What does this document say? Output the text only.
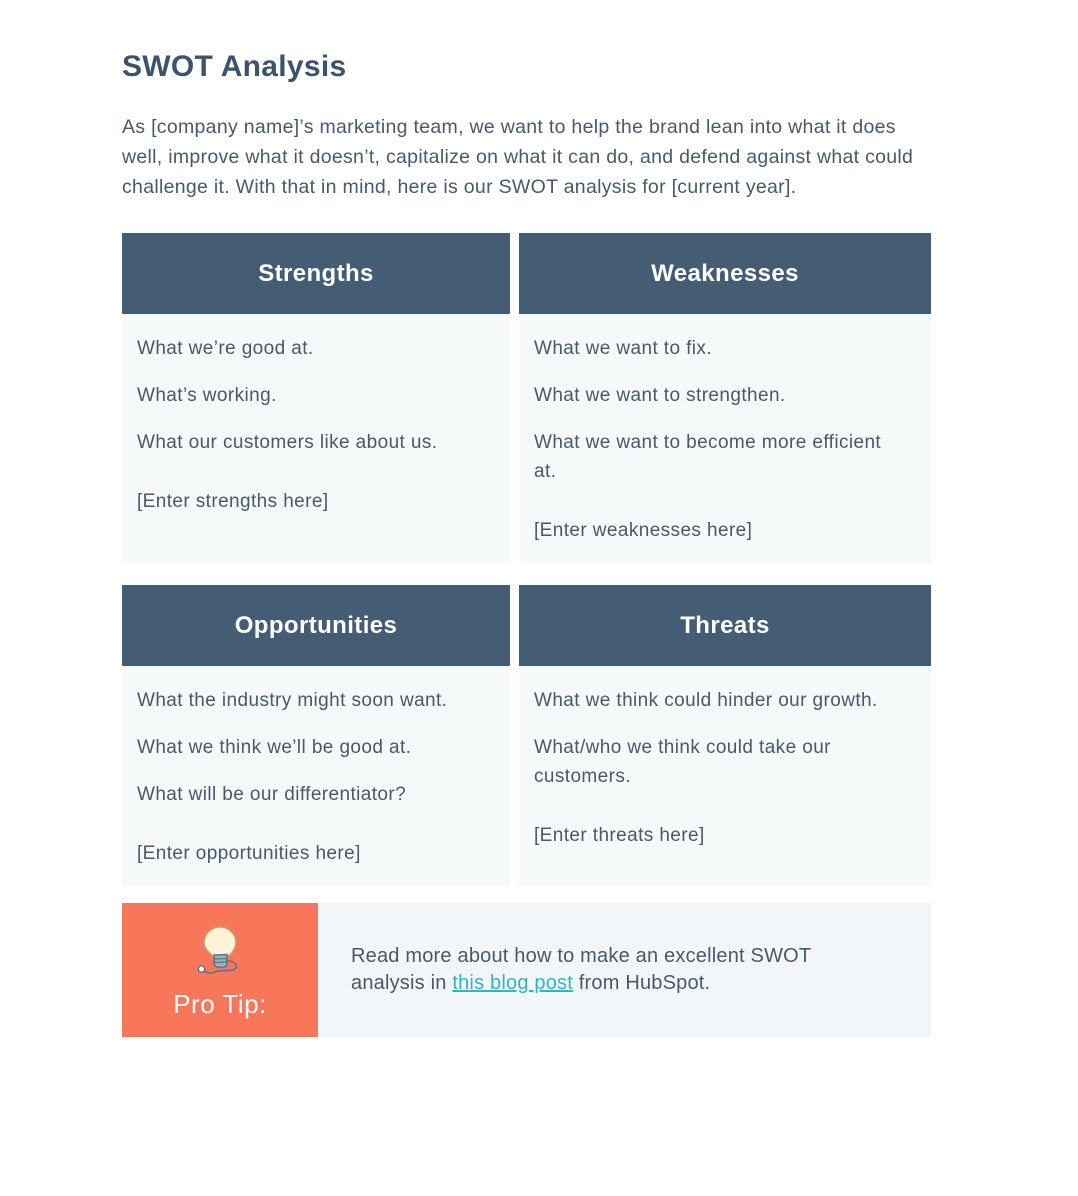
SWOT Analysis

As [company name]’s marketing team, we want to help the brand lean into what it does well, improve what it doesn’t, capitalize on what it can do, and defend against what could challenge it. With that in mind, here is our SWOT analysis for [current year].

Strengths

What we’re good at.

What’s working.

What our customers like about us.

[Enter strengths here]

Weaknesses

What we want to fix.

What we want to strengthen.

What we want to become more efficient at.

[Enter weaknesses here]

Opportunities

What the industry might soon want.

What we think we’ll be good at.

What will be our differentiator?

[Enter opportunities here]

Threats

What we think could hinder our growth.

What/who we think could take our customers.

[Enter threats here]

Pro Tip:
Read more about how to make an excellent SWOT analysis in this blog post from HubSpot.
